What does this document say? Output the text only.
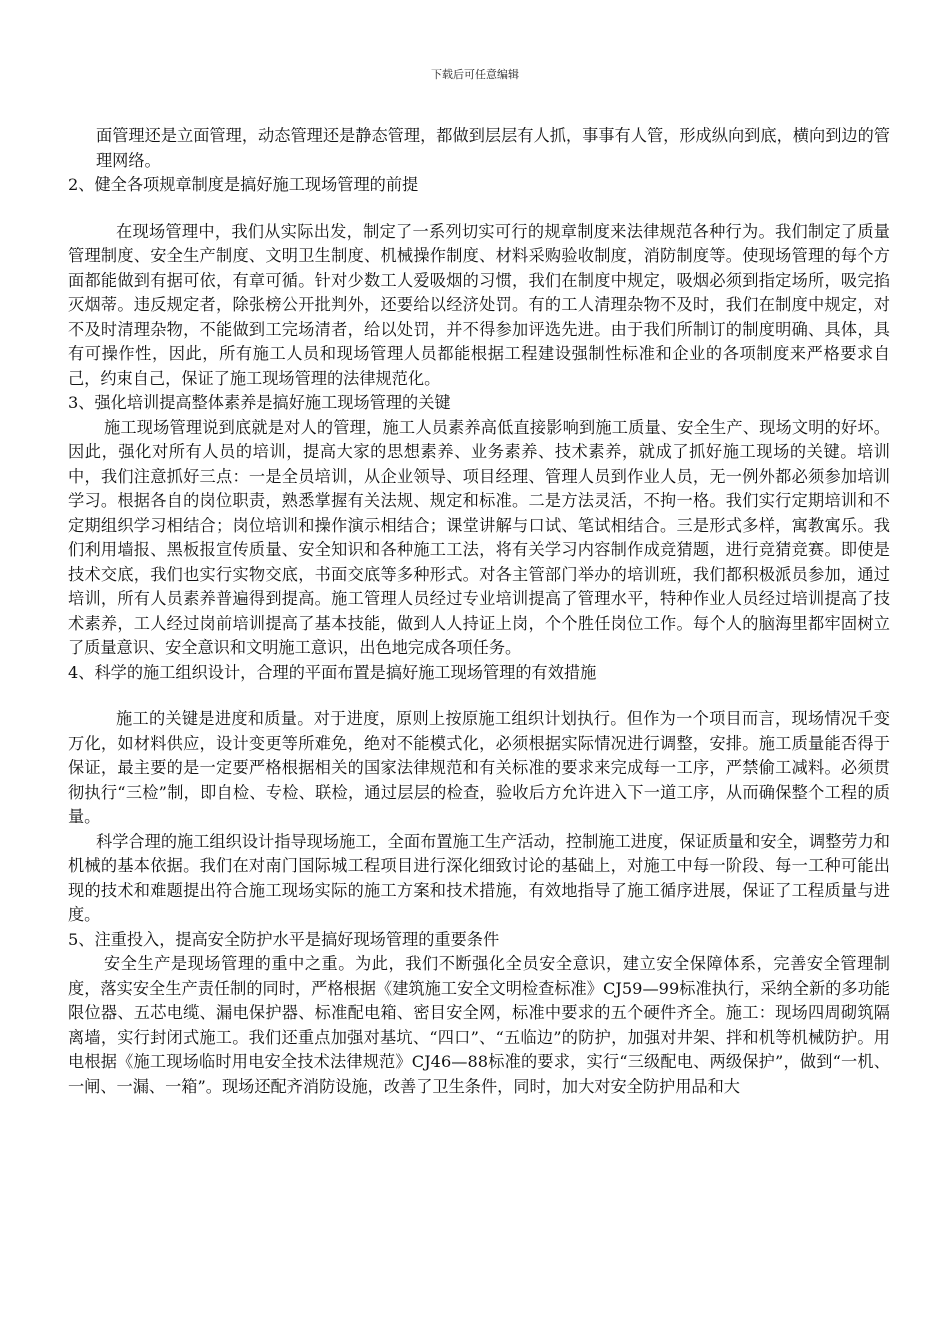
下载后可任意编辑

面管理还是立面管理，动态管理还是静态管理，都做到层层有人抓，事事有人管，形成纵向到底，横向到边的管理网络。

2、健全各项规章制度是搞好施工现场管理的前提

在现场管理中，我们从实际出发，制定了一系列切实可行的规章制度来法律规范各种行为。我们制定了质量管理制度、安全生产制度、文明卫生制度、机械操作制度、材料采购验收制度，消防制度等。使现场管理的每个方面都能做到有据可依，有章可循。针对少数工人爱吸烟的习惯，我们在制度中规定，吸烟必须到指定场所，吸完掐灭烟蒂。违反规定者，除张榜公开批判外，还要给以经济处罚。有的工人清理杂物不及时，我们在制度中规定，对不及时清理杂物，不能做到工完场清者，给以处罚，并不得参加评选先进。由于我们所制订的制度明确、具体，具有可操作性，因此，所有施工人员和现场管理人员都能根据工程建设强制性标准和企业的各项制度来严格要求自己，约束自己，保证了施工现场管理的法律规范化。

3、强化培训提高整体素养是搞好施工现场管理的关键

施工现场管理说到底就是对人的管理，施工人员素养高低直接影响到施工质量、安全生产、现场文明的好坏。因此，强化对所有人员的培训，提高大家的思想素养、业务素养、技术素养，就成了抓好施工现场的关键。培训中，我们注意抓好三点：一是全员培训，从企业领导、项目经理、管理人员到作业人员，无一例外都必须参加培训学习。根据各自的岗位职责，熟悉掌握有关法规、规定和标准。二是方法灵活，不拘一格。我们实行定期培训和不定期组织学习相结合；岗位培训和操作演示相结合；课堂讲解与口试、笔试相结合。三是形式多样，寓教寓乐。我们利用墙报、黑板报宣传质量、安全知识和各种施工工法，将有关学习内容制作成竞猜题，进行竞猜竞赛。即使是技术交底，我们也实行实物交底，书面交底等多种形式。对各主管部门举办的培训班，我们都积极派员参加，通过培训，所有人员素养普遍得到提高。施工管理人员经过专业培训提高了管理水平，特种作业人员经过培训提高了技术素养，工人经过岗前培训提高了基本技能，做到人人持证上岗，个个胜任岗位工作。每个人的脑海里都牢固树立了质量意识、安全意识和文明施工意识，出色地完成各项任务。

4、科学的施工组织设计，合理的平面布置是搞好施工现场管理的有效措施

施工的关键是进度和质量。对于进度，原则上按原施工组织计划执行。但作为一个项目而言，现场情况千变万化，如材料供应，设计变更等所难免，绝对不能模式化，必须根据实际情况进行调整，安排。施工质量能否得于保证，最主要的是一定要严格根据相关的国家法律规范和有关标准的要求来完成每一工序，严禁偷工减料。必须贯彻执行“三检”制，即自检、专检、联检，通过层层的检查，验收后方允许进入下一道工序，从而确保整个工程的质量。

科学合理的施工组织设计指导现场施工，全面布置施工生产活动，控制施工进度，保证质量和安全，调整劳力和机械的基本依据。我们在对南门国际城工程项目进行深化细致讨论的基础上，对施工中每一阶段、每一工种可能出现的技术和难题提出符合施工现场实际的施工方案和技术措施，有效地指导了施工循序进展，保证了工程质量与进度。

5、注重投入，提高安全防护水平是搞好现场管理的重要条件

安全生产是现场管理的重中之重。为此，我们不断强化全员安全意识，建立安全保障体系，完善安全管理制度，落实安全生产责任制的同时，严格根据《建筑施工安全文明检查标准》CJ59—99标准执行，采纳全新的多功能限位器、五芯电缆、漏电保护器、标准配电箱、密目安全网，标准中要求的五个硬件齐全。施工：现场四周砌筑隔离墙，实行封闭式施工。我们还重点加强对基坑、“四口”、“五临边”的防护，加强对井架、拌和机等机械防护。用电根据《施工现场临时用电安全技术法律规范》CJ46—88标准的要求，实行“三级配电、两级保护”，做到“一机、一闸、一漏、一箱”。现场还配齐消防设施，改善了卫生条件，同时，加大对安全防护用品和大
